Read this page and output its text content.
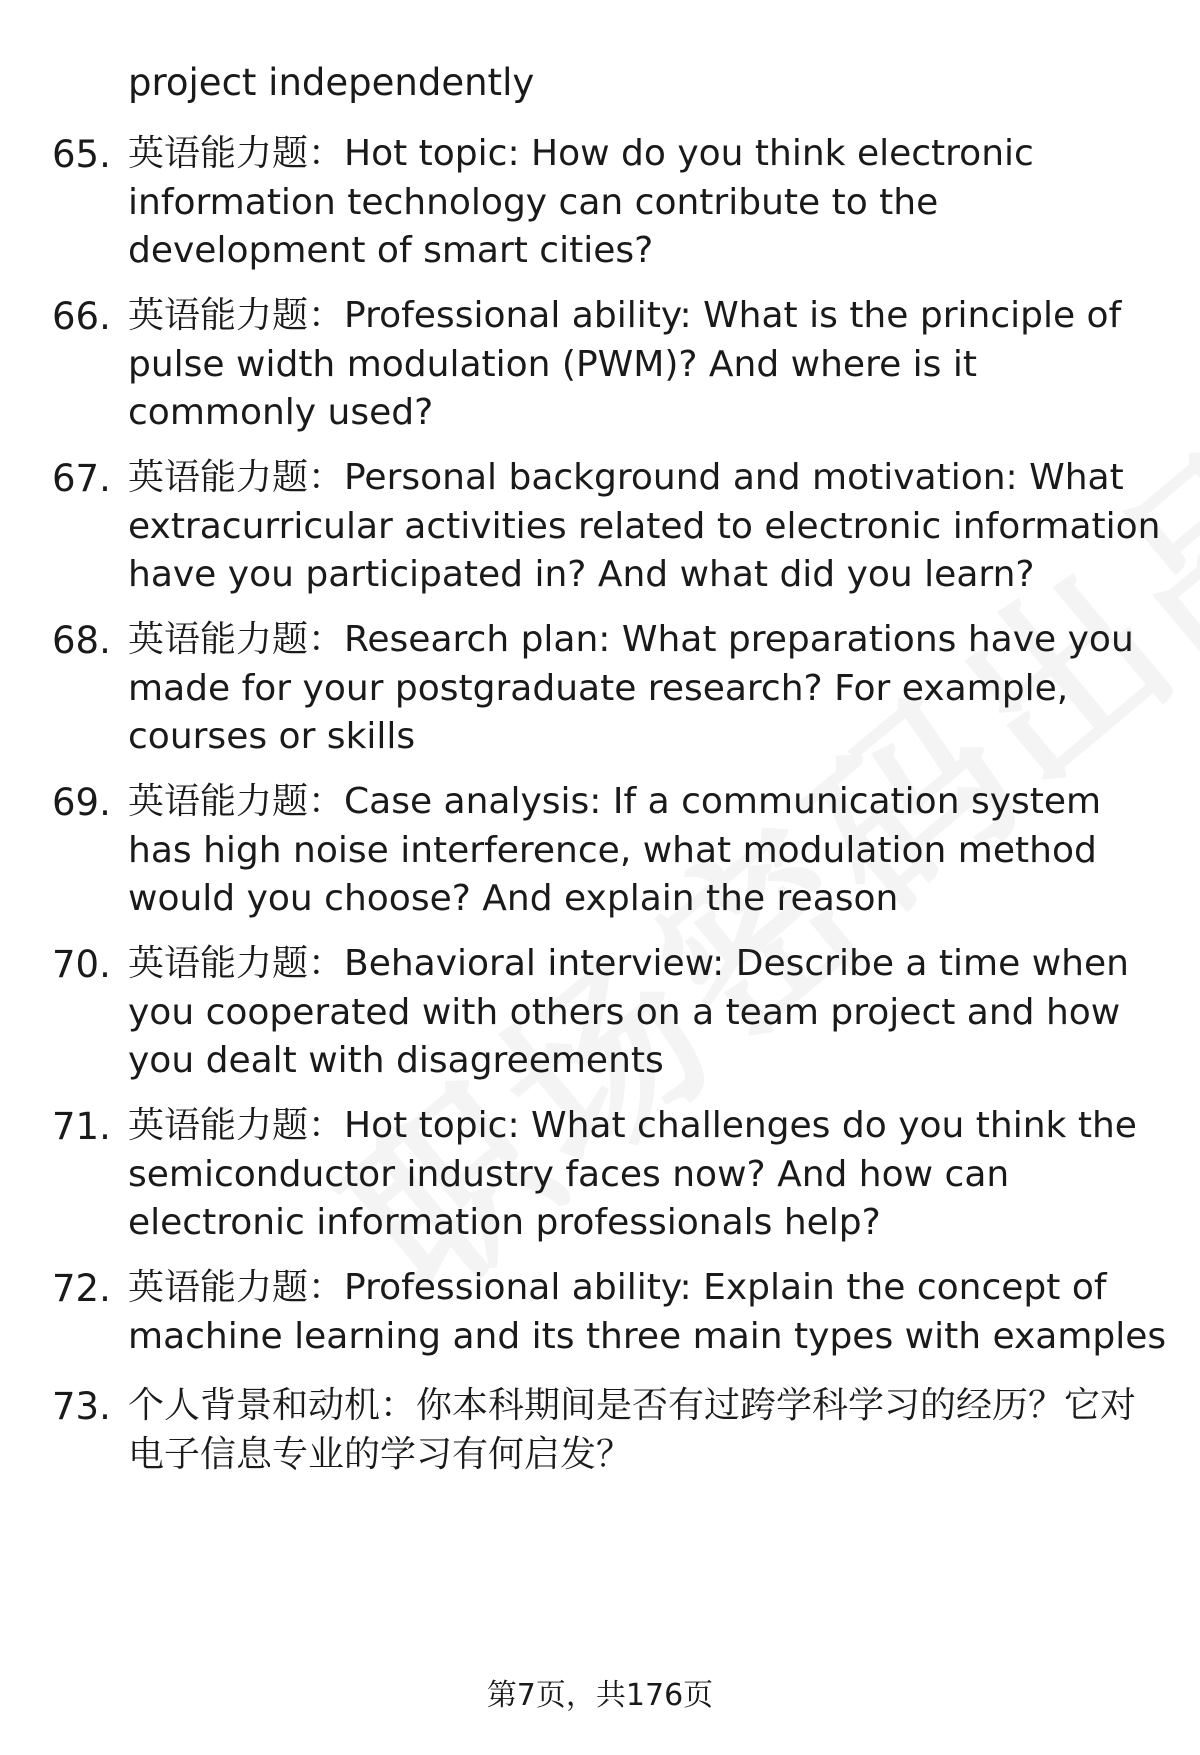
project independently
65. 英语能力题：Hot topic: How do you think electronic information technology can contribute to the development of smart cities?
66. 英语能力题：Professional ability: What is the principle of pulse width modulation (PWM)? And where is it commonly used?
67. 英语能力题：Personal background and motivation: What extracurricular activities related to electronic information have you participated in? And what did you learn?
68. 英语能力题：Research plan: What preparations have you made for your postgraduate research? For example, courses or skills
69. 英语能力题：Case analysis: If a communication system has high noise interference, what modulation method would you choose? And explain the reason
70. 英语能力题：Behavioral interview: Describe a time when you cooperated with others on a team project and how you dealt with disagreements
71. 英语能力题：Hot topic: What challenges do you think the semiconductor industry faces now? And how can electronic information professionals help?
72. 英语能力题：Professional ability: Explain the concept of machine learning and its three main types with examples
73. 个人背景和动机：你本科期间是否有过跨学科学习的经历？它对电子信息专业的学习有何启发？
第7页，共176页
